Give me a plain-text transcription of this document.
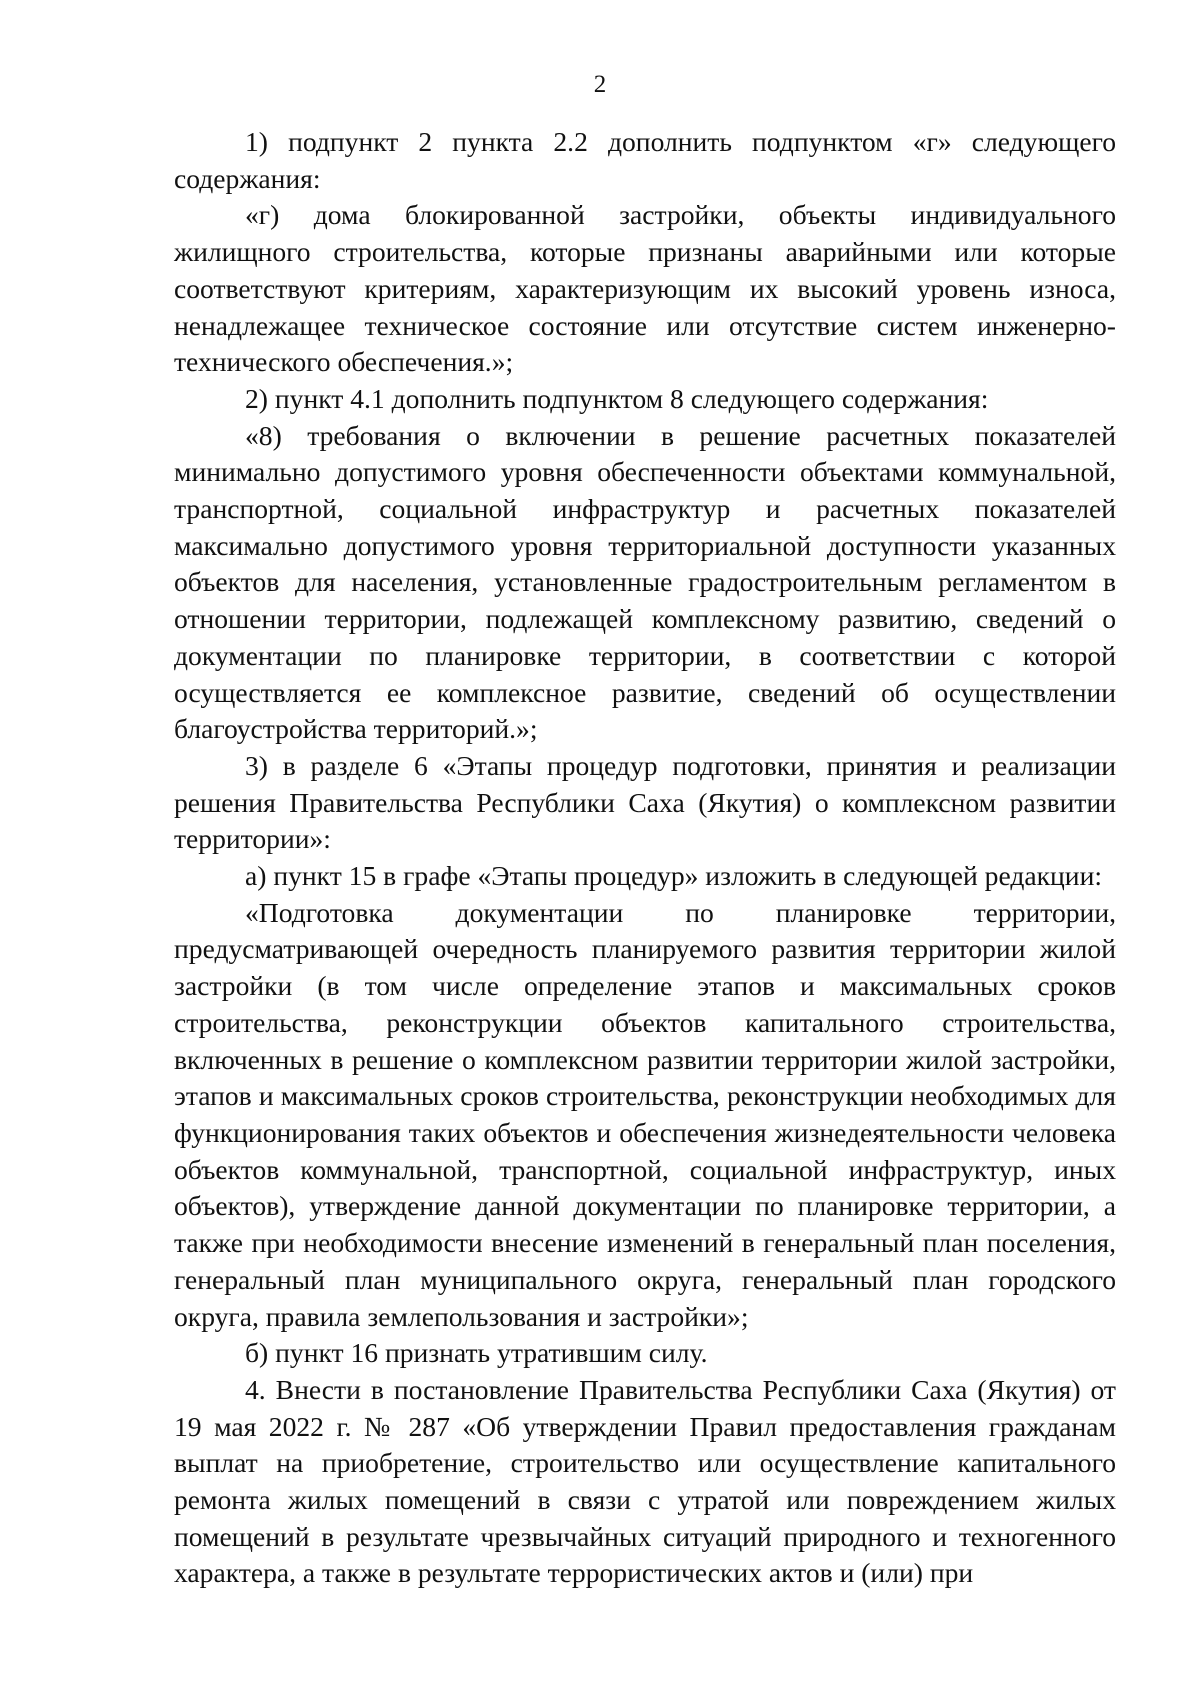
2

1) подпункт 2 пункта 2.2 дополнить подпунктом «г» следующего содержания:

«г) дома блокированной застройки, объекты индивидуального жилищного строительства, которые признаны аварийными или которые соответствуют критериям, характеризующим их высокий уровень износа, ненадлежащее техническое состояние или отсутствие систем инженерно-технического обеспечения.»;

2) пункт 4.1 дополнить подпунктом 8 следующего содержания:

«8) требования о включении в решение расчетных показателей минимально допустимого уровня обеспеченности объектами коммунальной, транспортной, социальной инфраструктур и расчетных показателей максимально допустимого уровня территориальной доступности указанных объектов для населения, установленные градостроительным регламентом в отношении территории, подлежащей комплексному развитию, сведений о документации по планировке территории, в соответствии с которой осуществляется ее комплексное развитие, сведений об осуществлении благоустройства территорий.»;

3) в разделе 6 «Этапы процедур подготовки, принятия и реализации решения Правительства Республики Саха (Якутия) о комплексном развитии территории»:

а) пункт 15 в графе «Этапы процедур» изложить в следующей редакции:

«Подготовка документации по планировке территории, предусматривающей очередность планируемого развития территории жилой застройки (в том числе определение этапов и максимальных сроков строительства, реконструкции объектов капитального строительства, включенных в решение о комплексном развитии территории жилой застройки, этапов и максимальных сроков строительства, реконструкции необходимых для функционирования таких объектов и обеспечения жизнедеятельности человека объектов коммунальной, транспортной, социальной инфраструктур, иных объектов), утверждение данной документации по планировке территории, а также при необходимости внесение изменений в генеральный план поселения, генеральный план муниципального округа, генеральный план городского округа, правила землепользования и застройки»;

б) пункт 16 признать утратившим силу.

4. Внести в постановление Правительства Республики Саха (Якутия) от 19 мая 2022 г. № 287 «Об утверждении Правил предоставления гражданам выплат на приобретение, строительство или осуществление капитального ремонта жилых помещений в связи с утратой или повреждением жилых помещений в результате чрезвычайных ситуаций природного и техногенного характера, а также в результате террористических актов и (или) при
